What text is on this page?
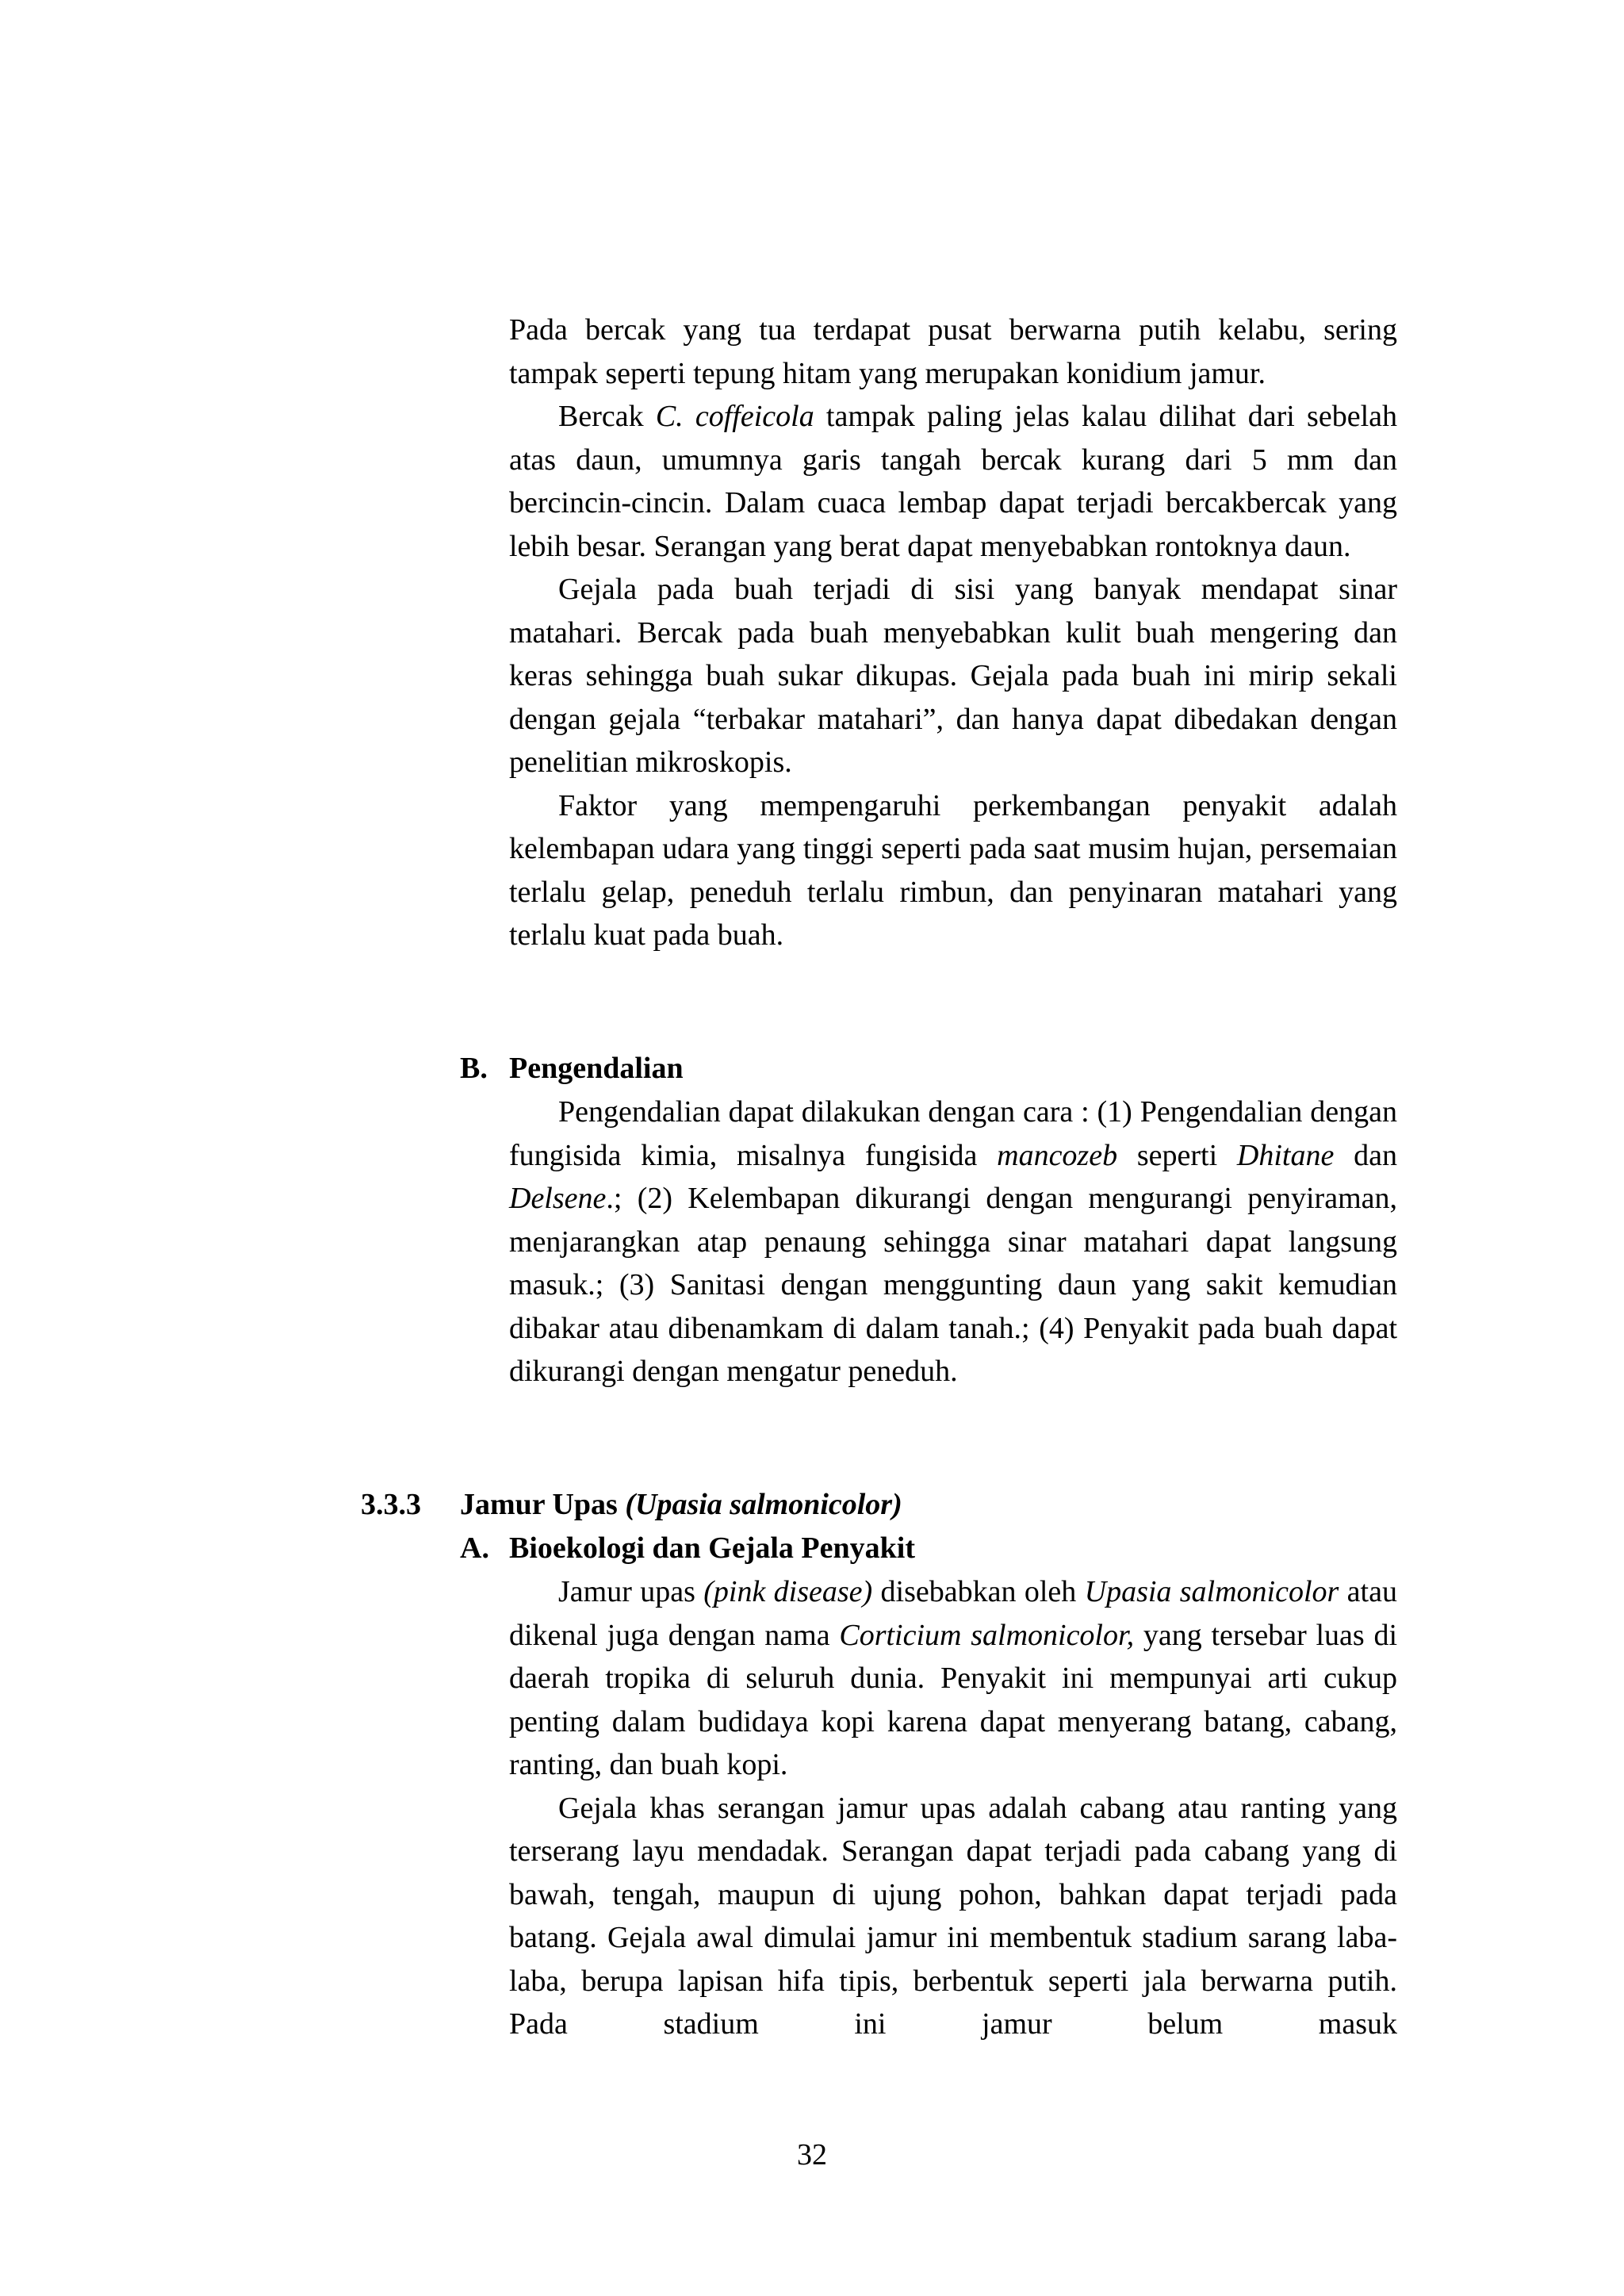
Pada bercak yang tua terdapat pusat berwarna putih kelabu, sering tampak seperti tepung hitam yang merupakan konidium jamur.

Bercak C. coffeicola tampak paling jelas kalau dilihat dari sebelah atas daun, umumnya garis tangah bercak kurang dari 5 mm dan bercincin-cincin. Dalam cuaca lembap dapat terjadi bercakbercak yang lebih besar. Serangan yang berat dapat menyebabkan rontoknya daun.

Gejala pada buah terjadi di sisi yang banyak mendapat sinar matahari. Bercak pada buah menyebabkan kulit buah mengering dan keras sehingga buah sukar dikupas. Gejala pada buah ini mirip sekali dengan gejala “terbakar matahari”, dan hanya dapat dibedakan dengan penelitian mikroskopis.

Faktor yang mempengaruhi perkembangan penyakit adalah kelembapan udara yang tinggi seperti pada saat musim hujan, persemaian terlalu gelap, peneduh terlalu rimbun, dan penyinaran matahari yang terlalu kuat pada buah.

B. Pengendalian

Pengendalian dapat dilakukan dengan cara : (1) Pengendalian dengan fungisida kimia, misalnya fungisida mancozeb seperti Dhitane dan Delsene.; (2) Kelembapan dikurangi dengan mengurangi penyiraman, menjarangkan atap penaung sehingga sinar matahari dapat langsung masuk.; (3) Sanitasi dengan menggunting daun yang sakit kemudian dibakar atau dibenamkam di dalam tanah.; (4) Penyakit pada buah dapat dikurangi dengan mengatur peneduh.

3.3.3 Jamur Upas (Upasia salmonicolor)
A. Bioekologi dan Gejala Penyakit

Jamur upas (pink disease) disebabkan oleh Upasia salmonicolor atau dikenal juga dengan nama Corticium salmonicolor, yang tersebar luas di daerah tropika di seluruh dunia. Penyakit ini mempunyai arti cukup penting dalam budidaya kopi karena dapat menyerang batang, cabang, ranting, dan buah kopi.

Gejala khas serangan jamur upas adalah cabang atau ranting yang terserang layu mendadak. Serangan dapat terjadi pada cabang yang di bawah, tengah, maupun di ujung pohon, bahkan dapat terjadi pada batang. Gejala awal dimulai jamur ini membentuk stadium sarang laba-laba, berupa lapisan hifa tipis, berbentuk seperti jala berwarna putih. Pada stadium ini jamur belum masuk

32
